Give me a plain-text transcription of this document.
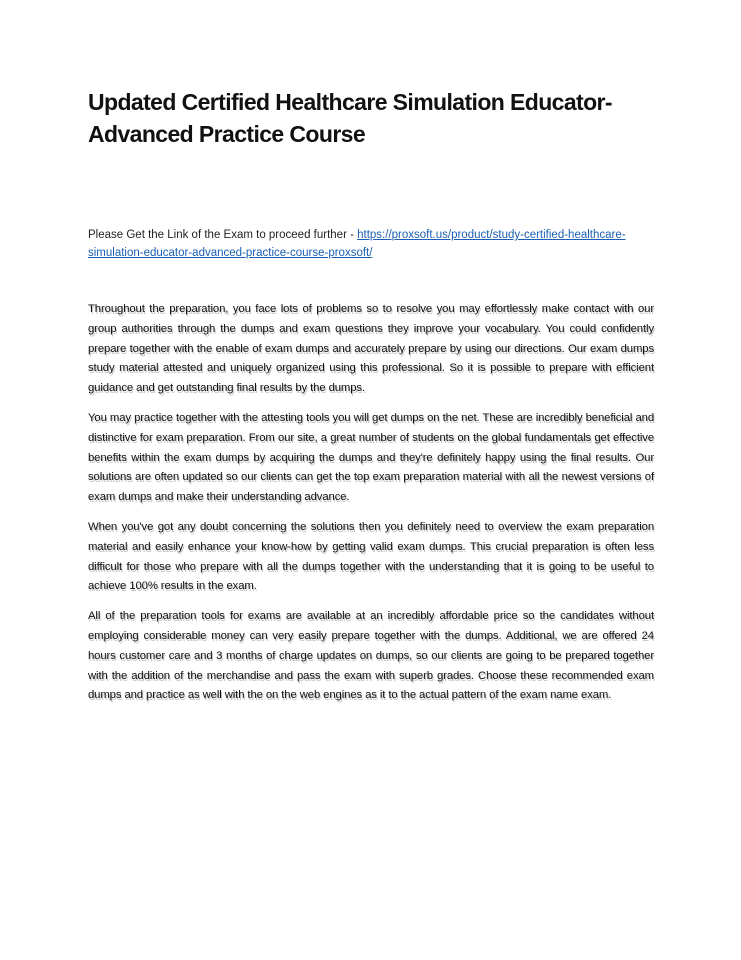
Updated Certified Healthcare Simulation Educator-Advanced Practice Course

Please Get the Link of the Exam to proceed further - https://proxsoft.us/product/study-certified-healthcare-simulation-educator-advanced-practice-course-proxsoft/

Throughout the preparation, you face lots of problems so to resolve you may effortlessly make contact with our group authorities through the dumps and exam questions they improve your vocabulary. You could confidently prepare together with the enable of exam dumps and accurately prepare by using our directions. Our exam dumps study material attested and uniquely organized using this professional. So it is possible to prepare with efficient guidance and get outstanding final results by the dumps.

You may practice together with the attesting tools you will get dumps on the net. These are incredibly beneficial and distinctive for exam preparation. From our site, a great number of students on the global fundamentals get effective benefits within the exam dumps by acquiring the dumps and they're definitely happy using the final results. Our solutions are often updated so our clients can get the top exam preparation material with all the newest versions of exam dumps and make their understanding advance.

When you've got any doubt concerning the solutions then you definitely need to overview the exam preparation material and easily enhance your know-how by getting valid exam dumps. This crucial preparation is often less difficult for those who prepare with all the dumps together with the understanding that it is going to be useful to achieve 100% results in the exam.

All of the preparation tools for exams are available at an incredibly affordable price so the candidates without employing considerable money can very easily prepare together with the dumps. Additional, we are offered 24 hours customer care and 3 months of charge updates on dumps, so our clients are going to be prepared together with the addition of the merchandise and pass the exam with superb grades. Choose these recommended exam dumps and practice as well with the on the web engines as it to the actual pattern of the exam name exam.
